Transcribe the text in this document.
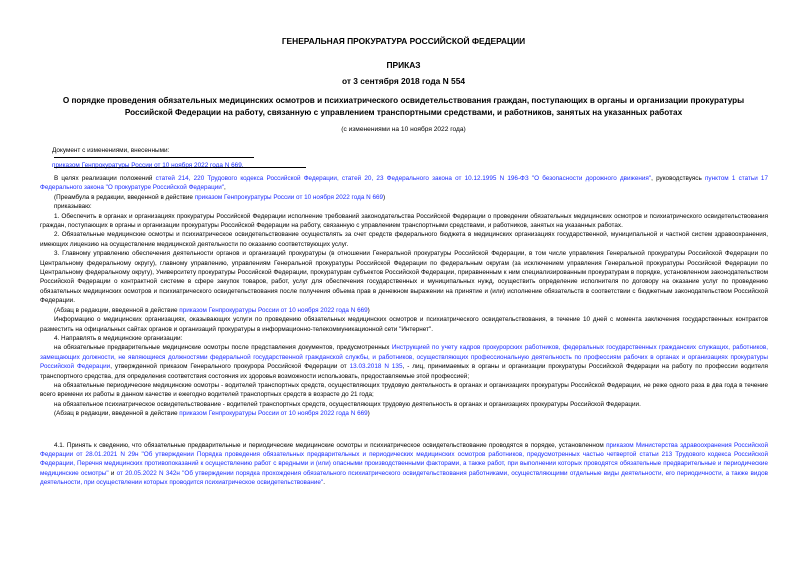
ГЕНЕРАЛЬНАЯ ПРОКУРАТУРА РОССИЙСКОЙ ФЕДЕРАЦИИ
ПРИКАЗ
от 3 сентября 2018 года N 554
О порядке проведения обязательных медицинских осмотров и психиатрического освидетельствования граждан, поступающих в органы и организации прокуратуры Российской Федерации на работу, связанную с управлением транспортными средствами, и работников, занятых на указанных работах
(с изменениями на 10 ноября 2022 года)
Документ с изменениями, внесенными:
приказом Генпрокуратуры России от 10 ноября 2022 года N 669.

В целях реализации положений статей 214, 220 Трудового кодекса Российской Федерации, статей 20, 23 Федерального закона от 10.12.1995 N 196-ФЗ "О безопасности дорожного движения", руководствуясь пунктом 1 статьи 17 Федерального закона "О прокуратуре Российской Федерации",

(Преамбула в редакции, введенной в действие приказом Генпрокуратуры России от 10 ноября 2022 года N 669)

приказываю:

1. Обеспечить в органах и организациях прокуратуры Российской Федерации исполнение требований законодательства Российской Федерации о проведении обязательных медицинских осмотров и психиатрического освидетельствования граждан, поступающих в органы и организации прокуратуры Российской Федерации на работу, связанную с управлением транспортными средствами, и работников, занятых на указанных работах.

2. Обязательные медицинские осмотры и психиатрическое освидетельствование осуществлять за счет средств федерального бюджета в медицинских организациях государственной, муниципальной и частной систем здравоохранения, имеющих лицензию на осуществление медицинской деятельности по оказанию соответствующих услуг.

3. Главному управлению обеспечения деятельности органов и организаций прокуратуры (в отношении Генеральной прокуратуры Российской Федерации, в том числе управления Генеральной прокуратуры Российской Федерации по Центральному федеральному округу), главному управлению, управлениям Генеральной прокуратуры Российской Федерации по федеральным округам (за исключением управления Генеральной прокуратуры Российской Федерации по Центральному федеральному округу), Университету прокуратуры Российской Федерации, прокуратурам субъектов Российской Федерации, приравненным к ним специализированным прокуратурам в порядке, установленном законодательством Российской Федерации о контрактной системе в сфере закупок товаров, работ, услуг для обеспечения государственных и муниципальных нужд, осуществить определение исполнителя по договору на оказание услуг по проведению обязательных медицинских осмотров и психиатрического освидетельствования после получения объема прав в денежном выражении на принятие и (или) исполнение обязательств в соответствии с бюджетным законодательством Российской Федерации.

(Абзац в редакции, введенной в действие приказом Генпрокуратуры России от 10 ноября 2022 года N 669)

Информацию о медицинских организациях, оказывающих услуги по проведению обязательных медицинских осмотров и психиатрического освидетельствования, в течение 10 дней с момента заключения государственных контрактов разместить на официальных сайтах органов и организаций прокуратуры в информационно-телекоммуникационной сети "Интернет".

4. Направлять в медицинские организации:

на обязательные предварительные медицинские осмотры после представления документов, предусмотренных Инструкцией по учету кадров прокурорских работников, федеральных государственных гражданских служащих, работников, замещающих должности, не являющиеся должностями федеральной государственной гражданской службы, и работников, осуществляющих профессиональную деятельность по профессиям рабочих в органах и организациях прокуратуры Российской Федерации, утвержденной приказом Генерального прокурора Российской Федерации от 13.03.2018 N 135, - лиц, принимаемых в органы и организации прокуратуры Российской Федерации на работу по профессии водителя транспортного средства, для определения соответствия состояния их здоровья возможности использовать, предоставляемые этой профессией;

на обязательные периодические медицинские осмотры - водителей транспортных средств, осуществляющих трудовую деятельность в органах и организациях прокуратуры Российской Федерации, не реже одного раза в два года в течение всего времени их работы в данном качестве и ежегодно водителей транспортных средств в возрасте до 21 года;

на обязательное психиатрическое освидетельствование - водителей транспортных средств, осуществляющих трудовую деятельность в органах и организациях прокуратуры Российской Федерации.

(Абзац в редакции, введенной в действие приказом Генпрокуратуры России от 10 ноября 2022 года N 669)

4.1. Принять к сведению, что обязательные предварительные и периодические медицинские осмотры и психиатрическое освидетельствование проводятся в порядке, установленном приказом Министерства здравоохранения Российской Федерации от 28.01.2021 N 29н "Об утверждении Порядка проведения обязательных предварительных и периодических медицинских осмотров работников, предусмотренных частью четвертой статьи 213 Трудового кодекса Российской Федерации, Перечня медицинских противопоказаний к осуществлению работ с вредными и (или) опасными производственными факторами, а также работ, при выполнении которых проводятся обязательные предварительные и периодические медицинские осмотры" и от 20.05.2022 N 342н "Об утверждении порядка прохождения обязательного психиатрического освидетельствования работниками, осуществляющими отдельные виды деятельности, его периодичности, а также видов деятельности, при осуществлении которых проводится психиатрическое освидетельствование".
